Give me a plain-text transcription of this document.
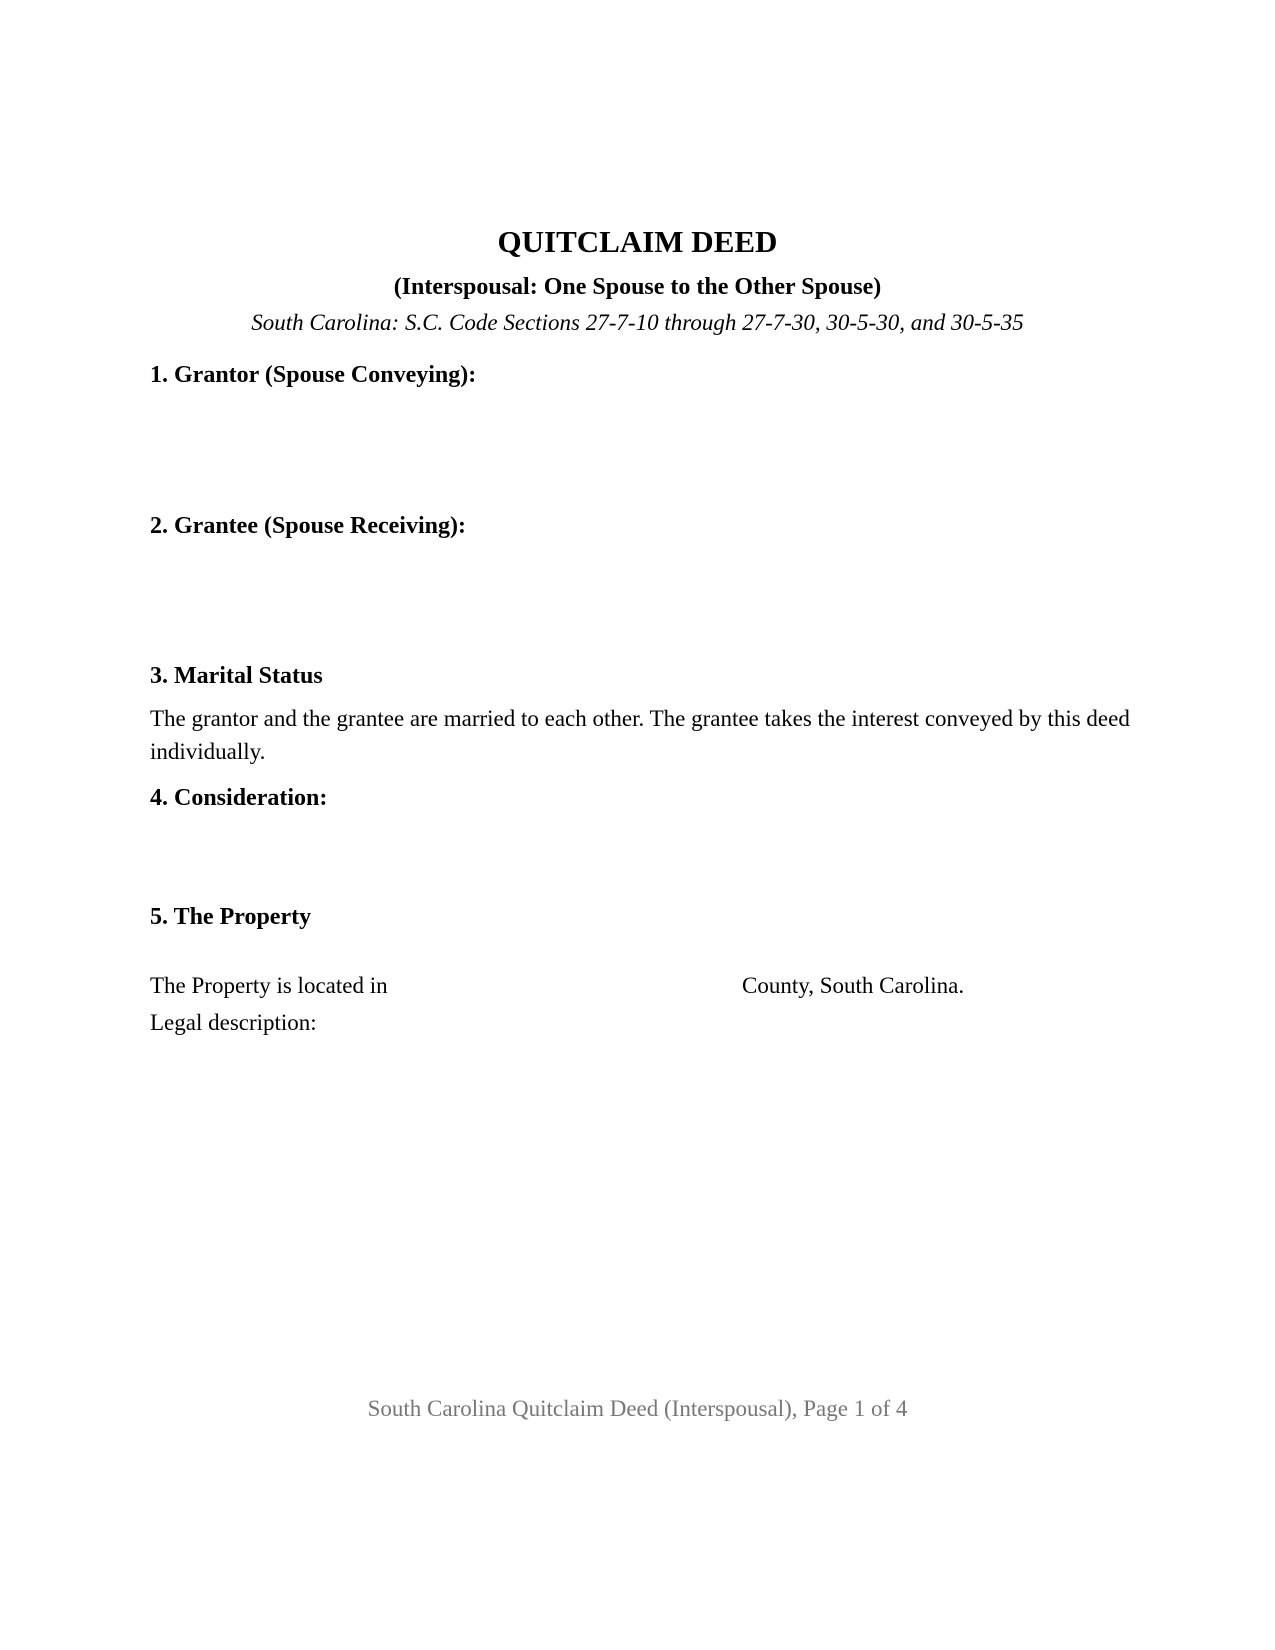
QUITCLAIM DEED
(Interspousal: One Spouse to the Other Spouse)
South Carolina: S.C. Code Sections 27-7-10 through 27-7-30, 30-5-30, and 30-5-35
1. Grantor (Spouse Conveying):
2. Grantee (Spouse Receiving):
3. Marital Status
The grantor and the grantee are married to each other. The grantee takes the interest conveyed by this deed individually.
4. Consideration:
5. The Property
The Property is located in	County, South Carolina.
Legal description:
South Carolina Quitclaim Deed (Interspousal), Page 1 of 4
